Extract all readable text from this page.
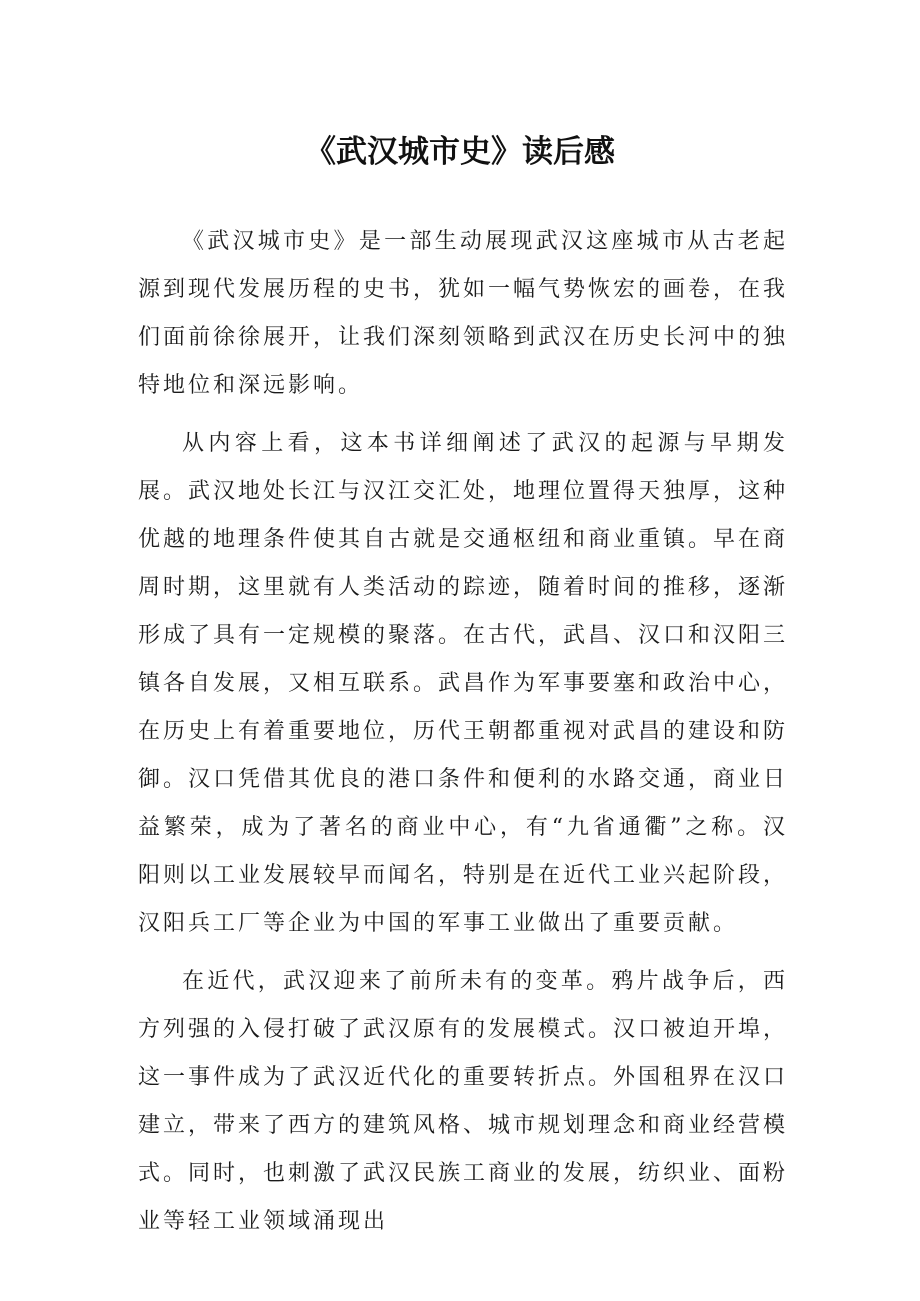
《武汉城市史》读后感

《武汉城市史》是一部生动展现武汉这座城市从古老起源到现代发展历程的史书，犹如一幅气势恢宏的画卷，在我们面前徐徐展开，让我们深刻领略到武汉在历史长河中的独特地位和深远影响。

从内容上看，这本书详细阐述了武汉的起源与早期发展。武汉地处长江与汉江交汇处，地理位置得天独厚，这种优越的地理条件使其自古就是交通枢纽和商业重镇。早在商周时期，这里就有人类活动的踪迹，随着时间的推移，逐渐形成了具有一定规模的聚落。在古代，武昌、汉口和汉阳三镇各自发展，又相互联系。武昌作为军事要塞和政治中心，在历史上有着重要地位，历代王朝都重视对武昌的建设和防御。汉口凭借其优良的港口条件和便利的水路交通，商业日益繁荣，成为了著名的商业中心，有“九省通衢”之称。汉阳则以工业发展较早而闻名，特别是在近代工业兴起阶段，汉阳兵工厂等企业为中国的军事工业做出了重要贡献。

在近代，武汉迎来了前所未有的变革。鸦片战争后，西方列强的入侵打破了武汉原有的发展模式。汉口被迫开埠，这一事件成为了武汉近代化的重要转折点。外国租界在汉口建立，带来了西方的建筑风格、城市规划理念和商业经营模式。同时，也刺激了武汉民族工商业的发展，纺织业、面粉业等轻工业领域涌现出
